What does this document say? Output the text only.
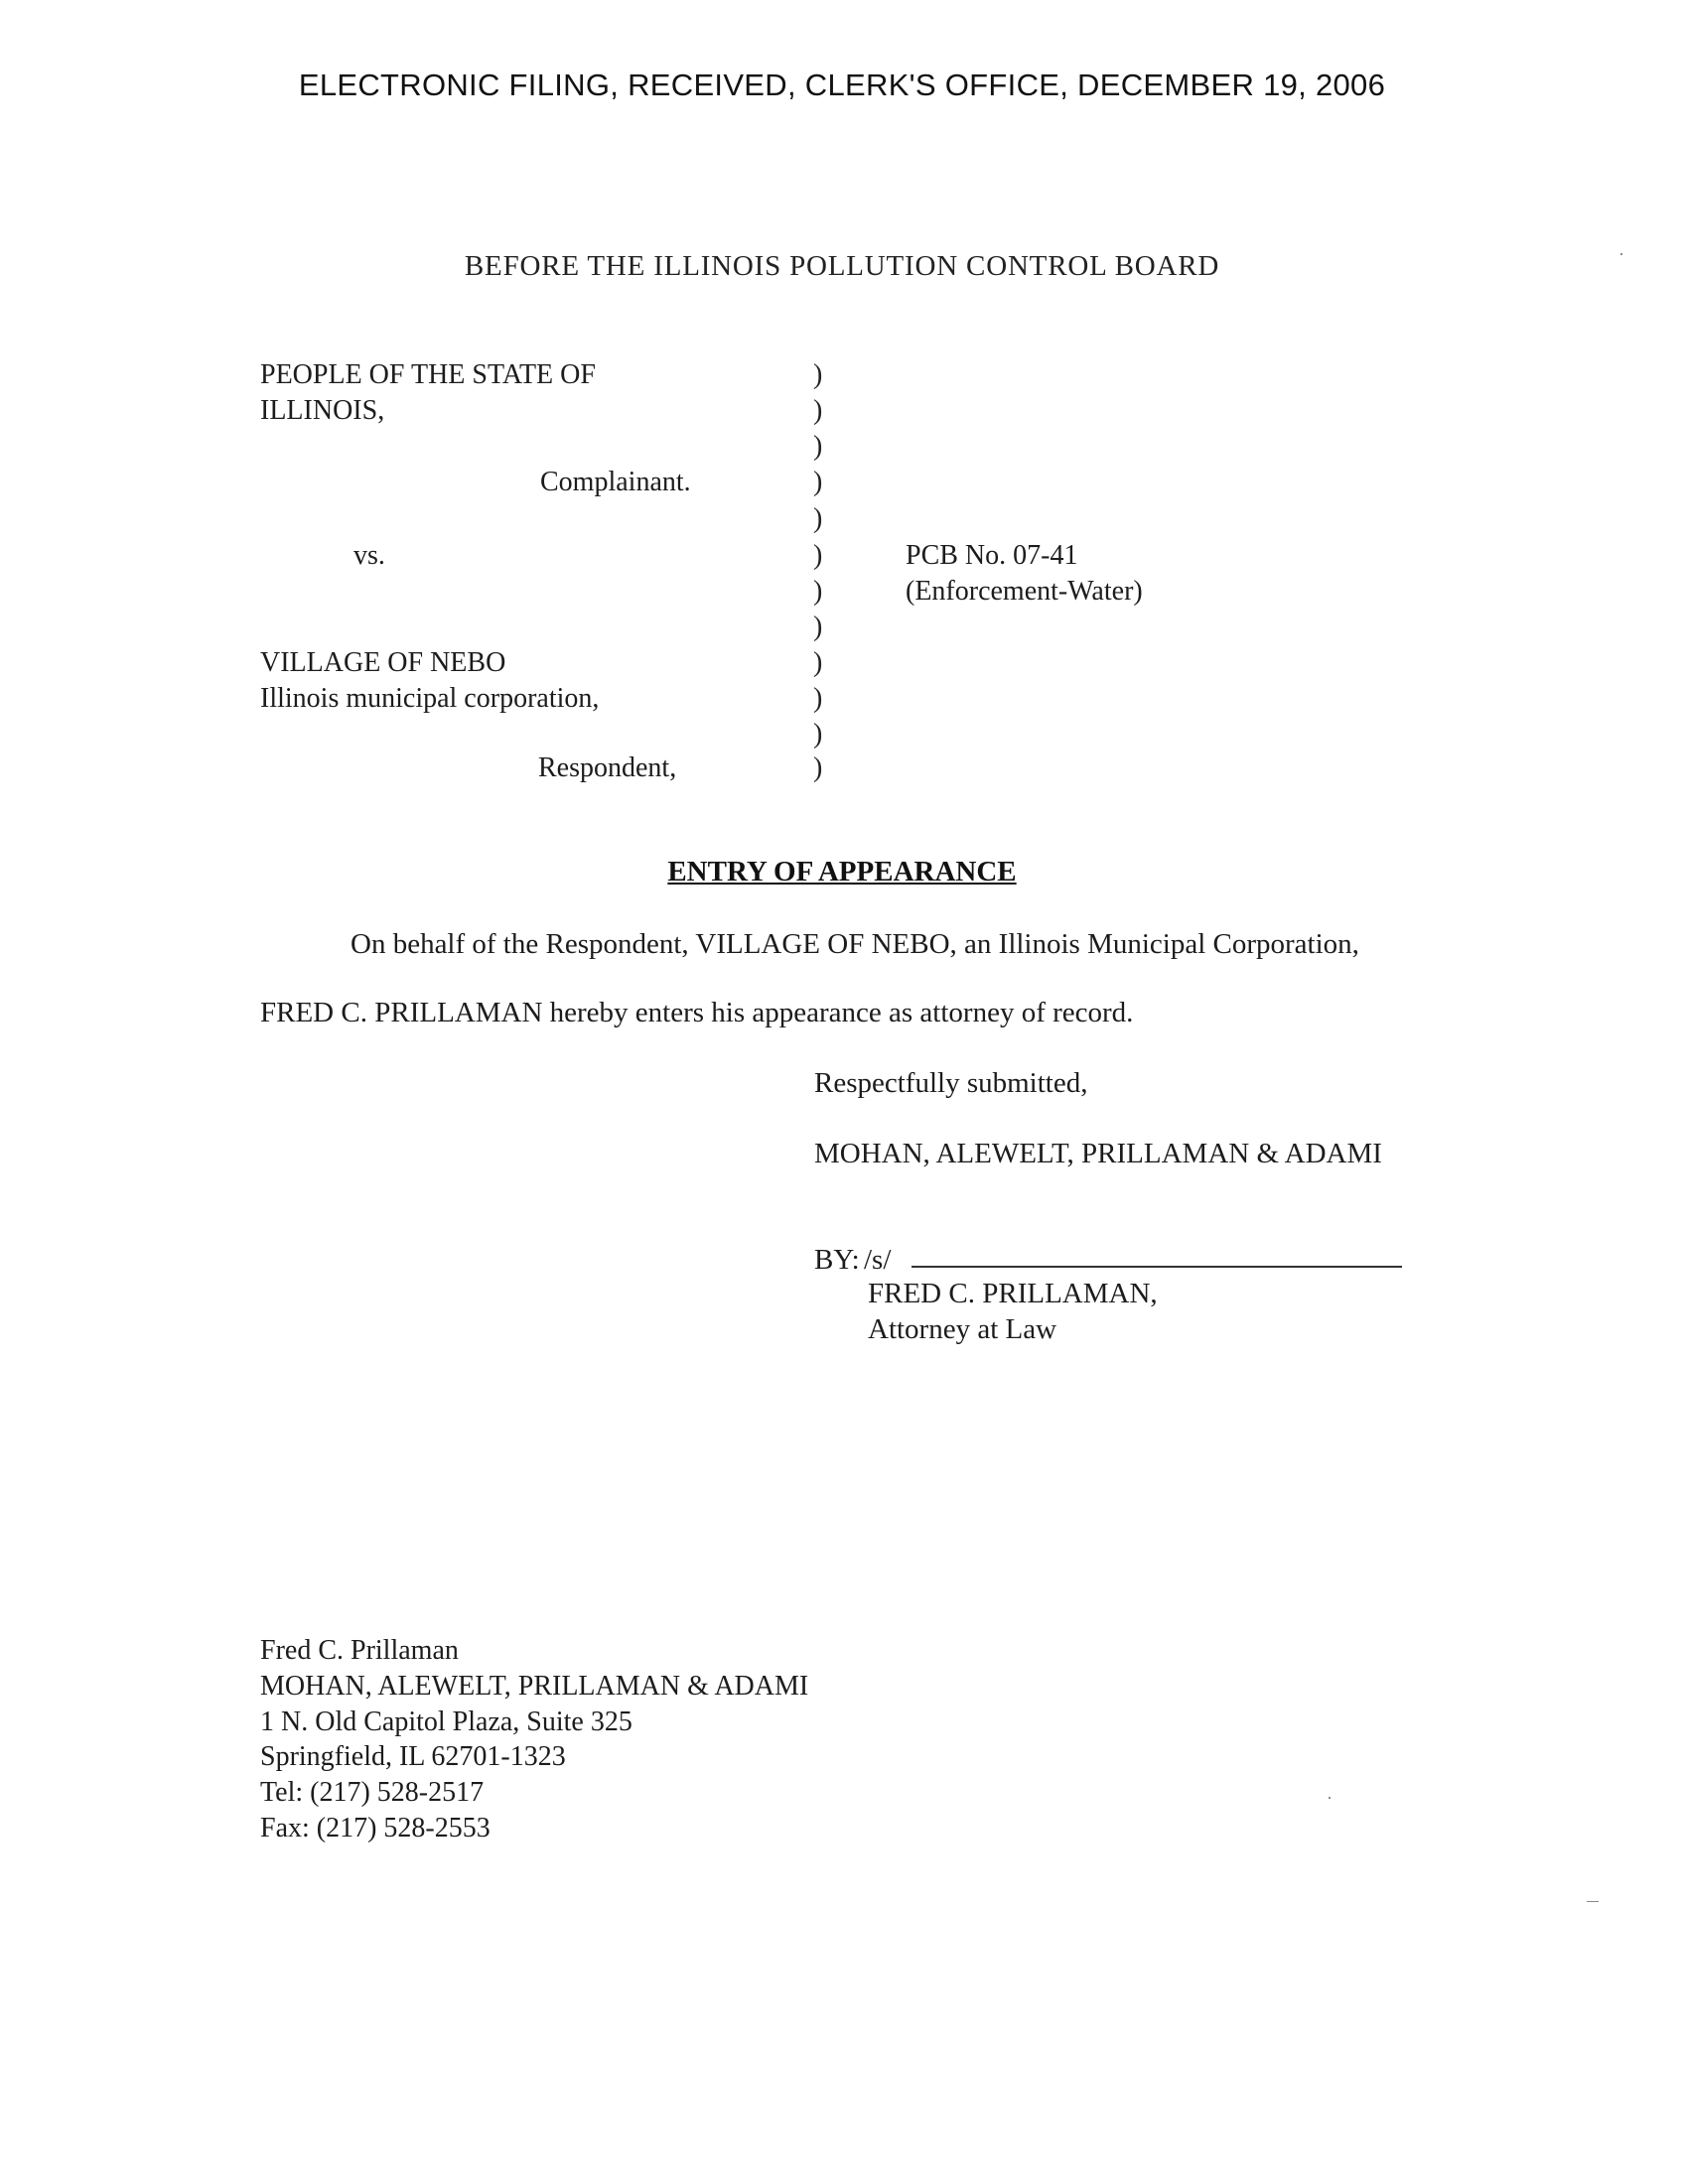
ELECTRONIC FILING, RECEIVED, CLERK'S OFFICE, DECEMBER 19, 2006
BEFORE THE ILLINOIS POLLUTION CONTROL BOARD
PEOPLE OF THE STATE OF
ILLINOIS,
Complainant.
vs.
VILLAGE OF NEBO
Illinois municipal corporation,
Respondent,
)
)
)
)
)
)
)
)
)
)
)
)
PCB No. 07-41
(Enforcement-Water)
ENTRY OF APPEARANCE
On behalf of the Respondent, VILLAGE OF NEBO, an Illinois Municipal Corporation,
FRED C. PRILLAMAN hereby enters his appearance as attorney of record.
Respectfully submitted,
MOHAN, ALEWELT, PRILLAMAN & ADAMI
BY: /s/
FRED C. PRILLAMAN,
Attorney at Law
Fred C. Prillaman
MOHAN, ALEWELT, PRILLAMAN & ADAMI
1 N. Old Capitol Plaza, Suite 325
Springfield, IL 62701-1323
Tel: (217) 528-2517
Fax: (217) 528-2553
